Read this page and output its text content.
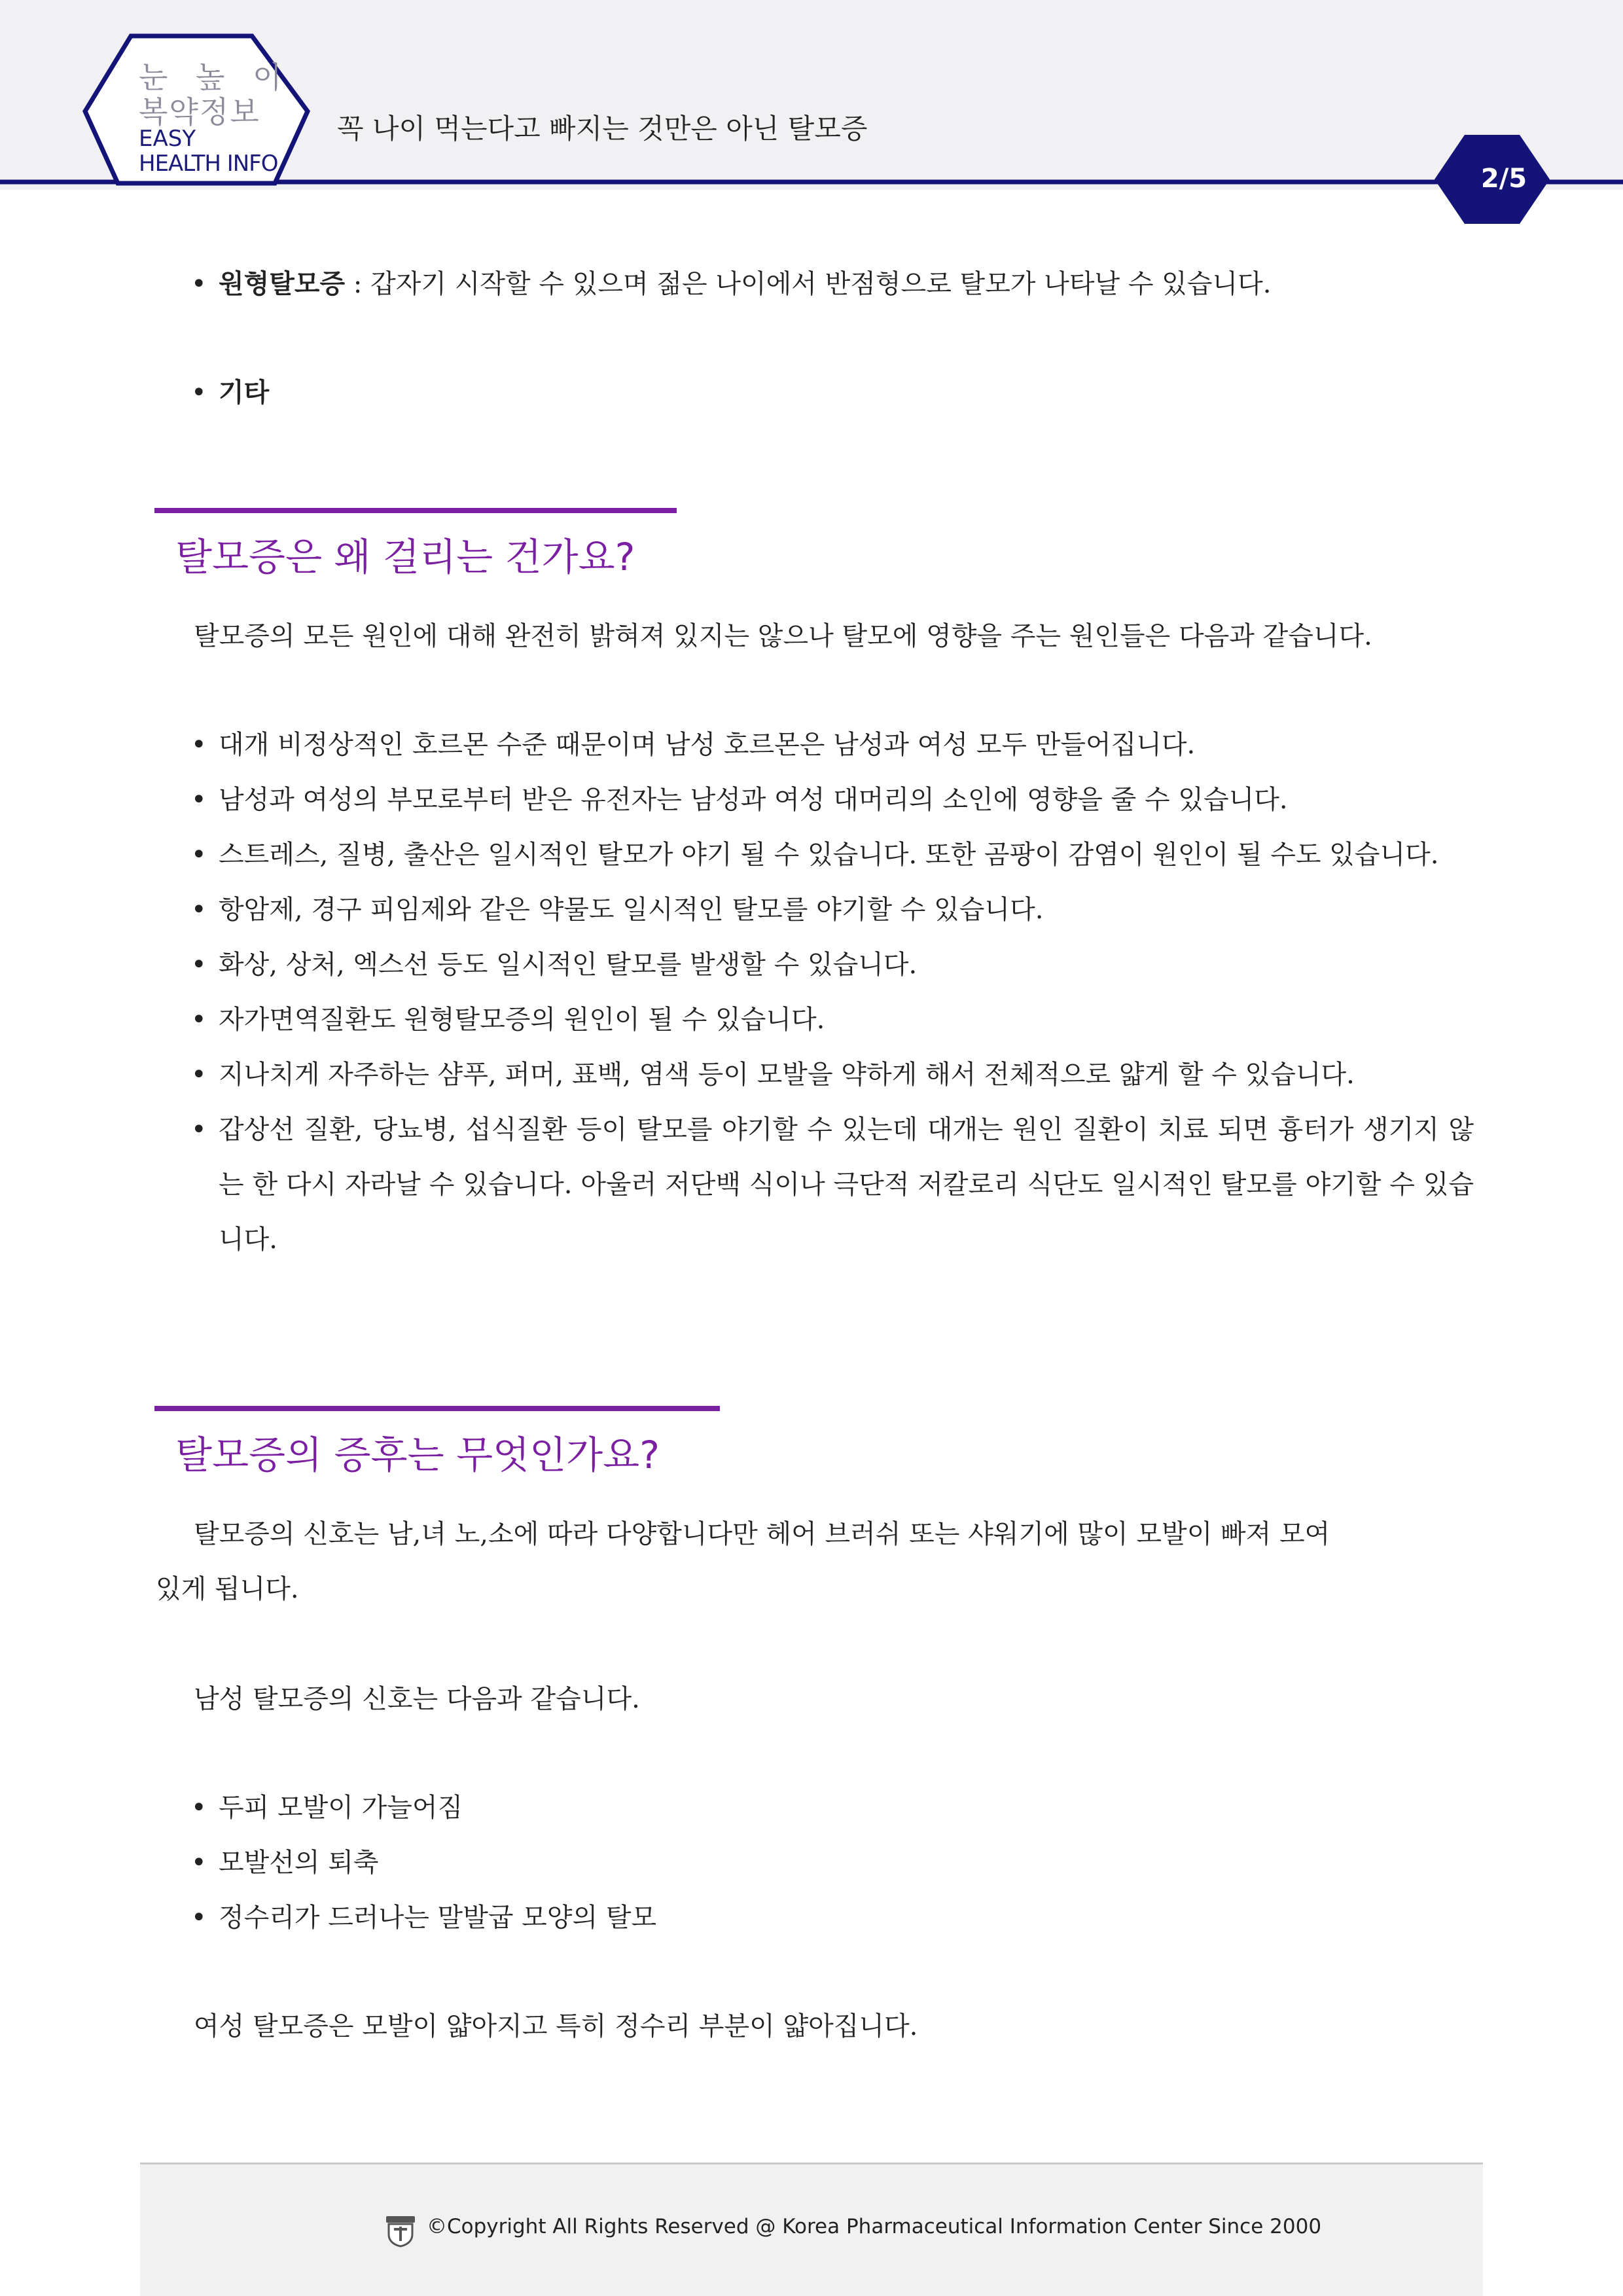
눈 높 이
복약정보
EASY
HEALTH INFO
꼭 나이 먹는다고 빠지는 것만은 아닌 탈모증
2/5
• 원형탈모증 : 갑자기 시작할 수 있으며 젊은 나이에서 반점형으로 탈모가 나타날 수 있습니다.
• 기타
탈모증은 왜 걸리는 건가요?
탈모증의 모든 원인에 대해 완전히 밝혀져 있지는 않으나 탈모에 영향을 주는 원인들은 다음과 같습니다.
• 대개 비정상적인 호르몬 수준 때문이며 남성 호르몬은 남성과 여성 모두 만들어집니다.
• 남성과 여성의 부모로부터 받은 유전자는 남성과 여성 대머리의 소인에 영향을 줄 수 있습니다.
• 스트레스, 질병, 출산은 일시적인 탈모가 야기 될 수 있습니다. 또한 곰팡이 감염이 원인이 될 수도 있습니다.
• 항암제, 경구 피임제와 같은 약물도 일시적인 탈모를 야기할 수 있습니다.
• 화상, 상처, 엑스선 등도 일시적인 탈모를 발생할 수 있습니다.
• 자가면역질환도 원형탈모증의 원인이 될 수 있습니다.
• 지나치게 자주하는 샴푸, 퍼머, 표백, 염색 등이 모발을 약하게 해서 전체적으로 얇게 할 수 있습니다.
• 갑상선 질환, 당뇨병, 섭식질환 등이 탈모를 야기할 수 있는데 대개는 원인 질환이 치료 되면 흉터가 생기지 않는 한 다시 자라날 수 있습니다. 아울러 저단백 식이나 극단적 저칼로리 식단도 일시적인 탈모를 야기할 수 있습니다.
탈모증의 증후는 무엇인가요?
탈모증의 신호는 남,녀 노,소에 따라 다양합니다만 헤어 브러쉬 또는 샤워기에 많이 모발이 빠져 모여
있게 됩니다.
남성 탈모증의 신호는 다음과 같습니다.
• 두피 모발이 가늘어짐
• 모발선의 퇴축
• 정수리가 드러나는 말발굽 모양의 탈모
여성 탈모증은 모발이 얇아지고 특히 정수리 부분이 얇아집니다.
©Copyright All Rights Reserved @ Korea Pharmaceutical Information Center Since 2000
